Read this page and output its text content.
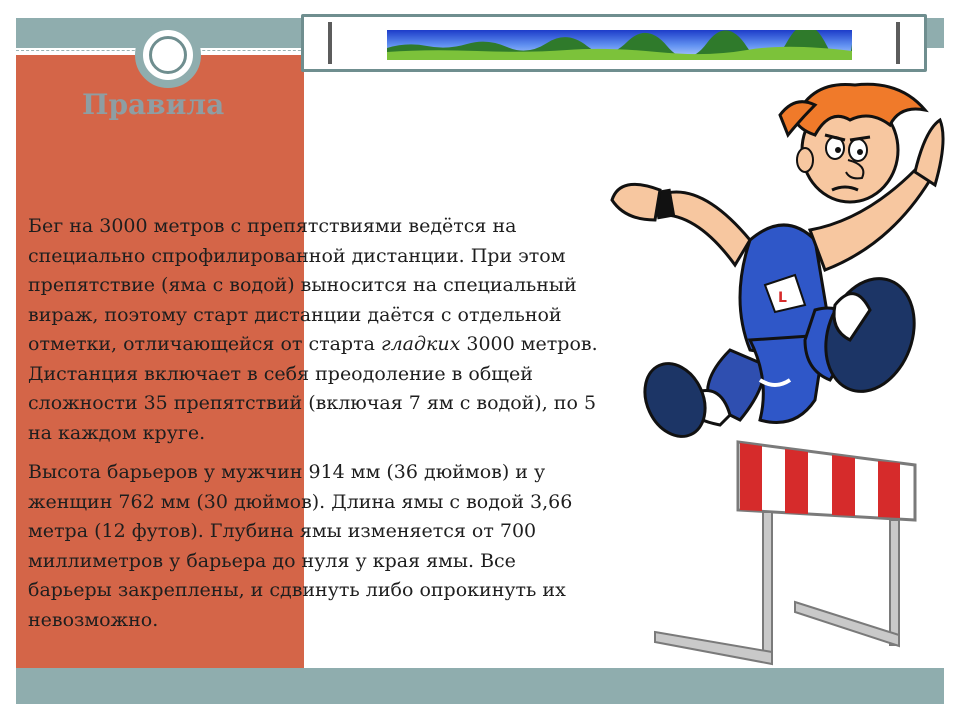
Правила

Бег на 3000 метров с препятствиями ведётся на специально спрофилированной дистанции. При этом препятствие (яма с водой) выносится на специальный вираж, поэтому старт дистанции даётся с отдельной отметки, отличающейся от старта гладких 3000 метров. Дистанция включает в себя преодоление в общей сложности 35 препятствий (включая 7 ям с водой), по 5 на каждом круге.

Высота барьеров у мужчин 914 мм (36 дюймов) и у женщин 762 мм (30 дюймов). Длина ямы с водой 3,66 метра (12 футов). Глубина ямы изменяется от 700 миллиметров у барьера до нуля у края ямы. Все барьеры закреплены, и сдвинуть либо опрокинуть их невозможно.

L
